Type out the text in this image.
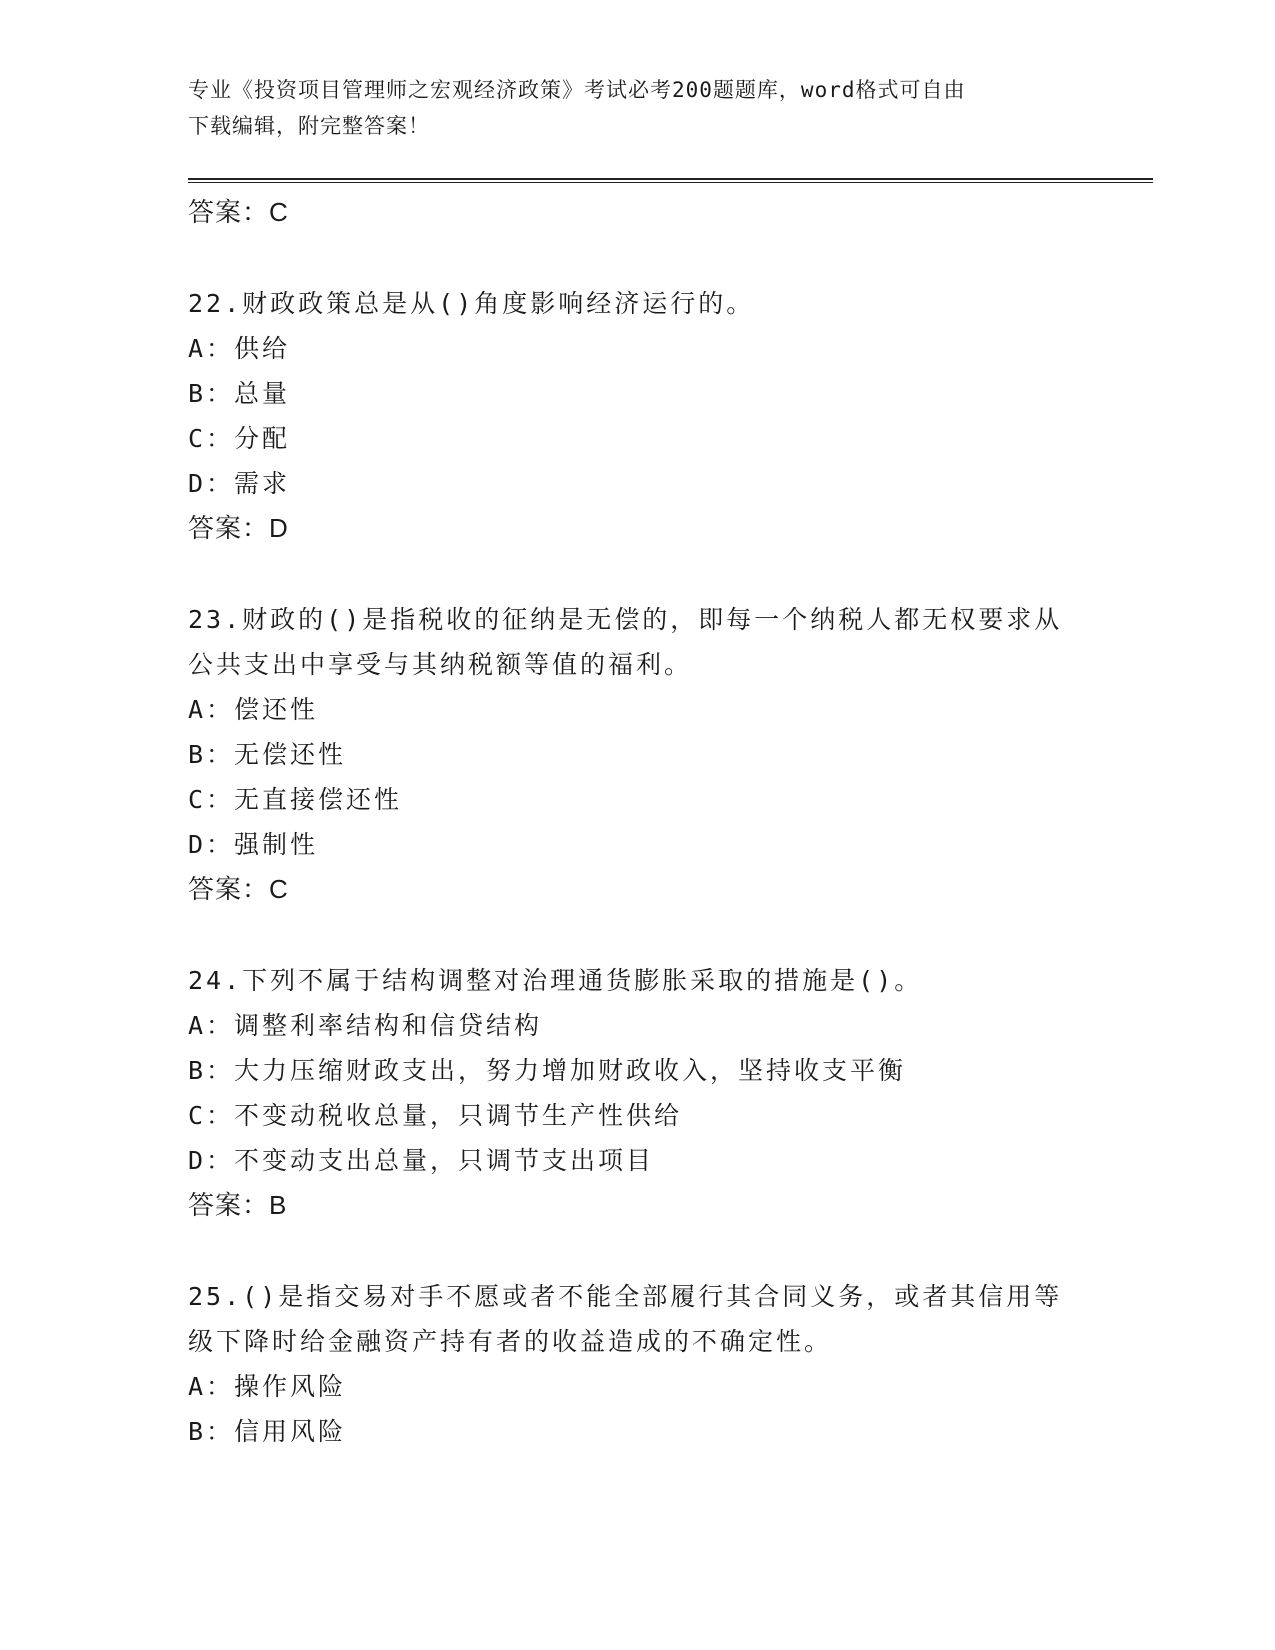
专业《投资项目管理师之宏观经济政策》考试必考200题题库，word格式可自由
下载编辑，附完整答案！
答案：C
22.财政政策总是从()角度影响经济运行的。
A：供给
B：总量
C：分配
D：需求
答案：D
23.财政的()是指税收的征纳是无偿的，即每一个纳税人都无权要求从公共支出中享受与其纳税额等值的福利。
A：偿还性
B：无偿还性
C：无直接偿还性
D：强制性
答案：C
24.下列不属于结构调整对治理通货膨胀采取的措施是()。
A：调整利率结构和信贷结构
B：大力压缩财政支出，努力增加财政收入，坚持收支平衡
C：不变动税收总量，只调节生产性供给
D：不变动支出总量，只调节支出项目
答案：B
25.()是指交易对手不愿或者不能全部履行其合同义务，或者其信用等级下降时给金融资产持有者的收益造成的不确定性。
A：操作风险
B：信用风险
